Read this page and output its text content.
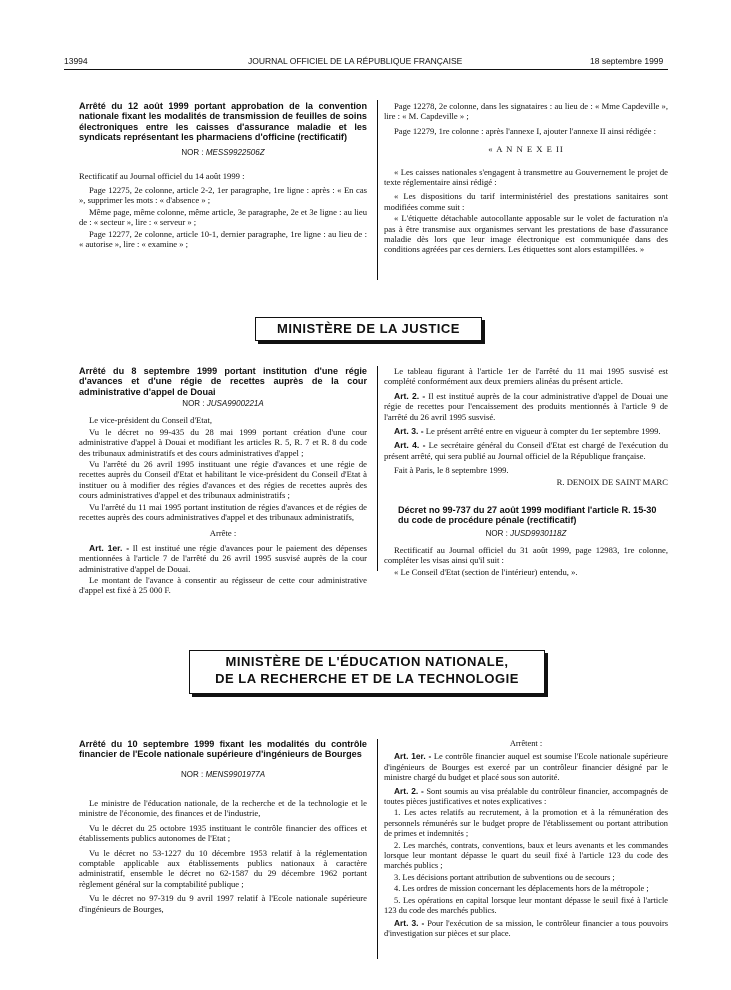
13994	JOURNAL OFFICIEL DE LA RÉPUBLIQUE FRANÇAISE	18 septembre 1999
Arrêté du 12 août 1999 portant approbation de la convention nationale fixant les modalités de transmission de feuilles de soins électroniques entre les caisses d'assurance maladie et les syndicats représentant les pharmaciens d'officine (rectificatif)
NOR : MESS9922506Z

Rectificatif au Journal officiel du 14 août 1999 :

Page 12275, 2e colonne, article 2-2, 1er paragraphe, 1re ligne : après : « En cas », supprimer les mots : « d'absence » ;

Même page, même colonne, même article, 3e paragraphe, 2e et 3e ligne : au lieu de : « secteur », lire : « serveur » ;

Page 12277, 2e colonne, article 10-1, dernier paragraphe, 1re ligne : au lieu de : « autorise », lire : « examine » ;

Page 12278, 2e colonne, dans les signataires : au lieu de : « Mme Capdeville », lire : « M. Capdeville » ;

Page 12279, 1re colonne : après l'annexe I, ajouter l'annexe II ainsi rédigée :

« A N N E X E II

« Les caisses nationales s'engagent à transmettre au Gouvernement le projet de texte réglementaire ainsi rédigé :

« Les dispositions du tarif interministériel des prestations sanitaires sont modifiées comme suit :

« L'étiquette détachable autocollante apposable sur le volet de facturation n'a pas à être transmise aux organismes servant les prestations de base d'assurance maladie dès lors que leur image électronique est communiquée dans des conditions agréées par ces derniers. Les étiquettes sont alors estampillées. »

MINISTÈRE DE LA JUSTICE
Arrêté du 8 septembre 1999 portant institution d'une régie d'avances et d'une régie de recettes auprès de la cour administrative d'appel de Douai
NOR : JUSA9900221A

Le vice-président du Conseil d'Etat,

Vu le décret no 99-435 du 28 mai 1999 portant création d'une cour administrative d'appel à Douai et modifiant les articles R. 5, R. 7 et R. 8 du code des tribunaux administratifs et des cours administratives d'appel ;

Vu l'arrêté du 26 avril 1995 instituant une régie d'avances et une régie de recettes auprès du Conseil d'Etat et habilitant le vice-président du Conseil d'Etat à instituer ou à modifier des régies d'avances et des régies de recettes auprès des cours administratives d'appel et des tribunaux administratifs ;

Vu l'arrêté du 11 mai 1995 portant institution de régies d'avances et de régies de recettes auprès des cours administratives d'appel et des tribunaux administratifs,

Arrête :

Art. 1er. - Il est institué une régie d'avances pour le paiement des dépenses mentionnées à l'article 7 de l'arrêté du 26 avril 1995 susvisé auprès de la cour administrative d'appel de Douai.

Le montant de l'avance à consentir au régisseur de cette cour administrative d'appel est fixé à 25 000 F.

Le tableau figurant à l'article 1er de l'arrêté du 11 mai 1995 susvisé est complété conformément aux deux premiers alinéas du présent article.

Art. 2. - Il est institué auprès de la cour administrative d'appel de Douai une régie de recettes pour l'encaissement des produits mentionnés à l'article 9 de l'arrêté du 26 avril 1995 susvisé.

Art. 3. - Le présent arrêté entre en vigueur à compter du 1er septembre 1999.

Art. 4. - Le secrétaire général du Conseil d'Etat est chargé de l'exécution du présent arrêté, qui sera publié au Journal officiel de la République française.

Fait à Paris, le 8 septembre 1999.

R. DENOIX DE SAINT MARC

Décret no 99-737 du 27 août 1999 modifiant l'article R. 15-30 du code de procédure pénale (rectificatif)
NOR : JUSD9930118Z

Rectificatif au Journal officiel du 31 août 1999, page 12983, 1re colonne, compléter les visas ainsi qu'il suit :

« Le Conseil d'Etat (section de l'intérieur) entendu, ».

MINISTÈRE DE L'ÉDUCATION NATIONALE,
DE LA RECHERCHE ET DE LA TECHNOLOGIE
Arrêté du 10 septembre 1999 fixant les modalités du contrôle financier de l'Ecole nationale supérieure d'ingénieurs de Bourges
NOR : MENS9901977A

Le ministre de l'éducation nationale, de la recherche et de la technologie et le ministre de l'économie, des finances et de l'industrie,

Vu le décret du 25 octobre 1935 instituant le contrôle financier des offices et établissements publics autonomes de l'Etat ;

Vu le décret no 53-1227 du 10 décembre 1953 relatif à la réglementation comptable applicable aux établissements publics nationaux à caractère administratif, ensemble le décret no 62-1587 du 29 décembre 1962 portant règlement général sur la comptabilité publique ;

Vu le décret no 97-319 du 9 avril 1997 relatif à l'Ecole nationale supérieure d'ingénieurs de Bourges,

Arrêtent :

Art. 1er. - Le contrôle financier auquel est soumise l'Ecole nationale supérieure d'ingénieurs de Bourges est exercé par un contrôleur financier désigné par le ministre chargé du budget et placé sous son autorité.

Art. 2. - Sont soumis au visa préalable du contrôleur financier, accompagnés de toutes pièces justificatives et notes explicatives :

1. Les actes relatifs au recrutement, à la promotion et à la rémunération des personnels rémunérés sur le budget propre de l'établissement ou portant attribution de primes et indemnités ;

2. Les marchés, contrats, conventions, baux et leurs avenants et les commandes lorsque leur montant dépasse le quart du seuil fixé à l'article 123 du code des marchés publics ;

3. Les décisions portant attribution de subventions ou de secours ;

4. Les ordres de mission concernant les déplacements hors de la métropole ;

5. Les opérations en capital lorsque leur montant dépasse le seuil fixé à l'article 123 du code des marchés publics.

Art. 3. - Pour l'exécution de sa mission, le contrôleur financier a tous pouvoirs d'investigation sur pièces et sur place.
